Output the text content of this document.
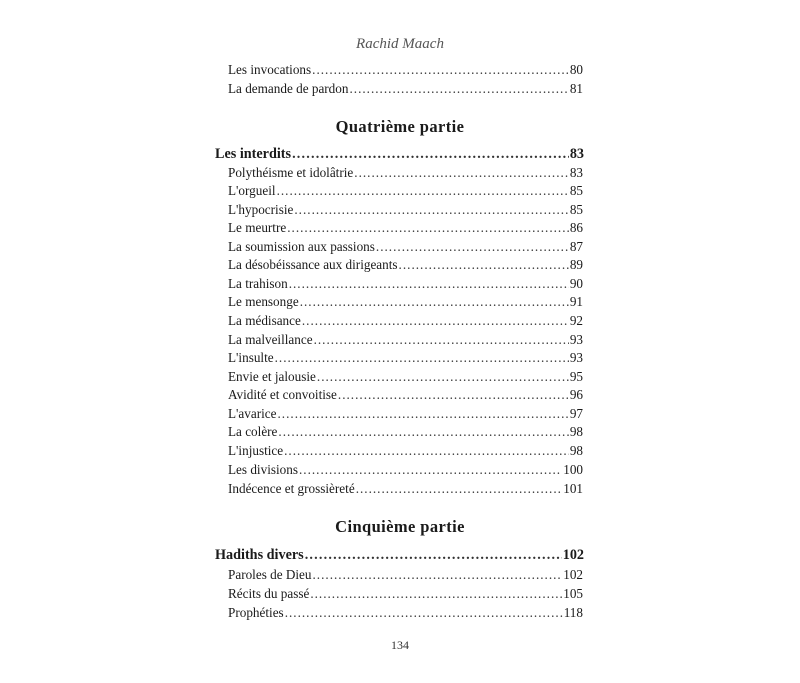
Rachid Maach
Les invocations .....	80
La demande de pardon .....	81
Quatrième partie
Les interdits .....	83
Polythéisme et idolâtrie .....	83
L'orgueil .....	85
L'hypocrisie .....	85
Le meurtre .....	86
La soumission aux passions .....	87
La désobéissance aux dirigeants .....	89
La trahison .....	90
Le mensonge .....	91
La médisance .....	92
La malveillance .....	93
L'insulte .....	93
Envie et jalousie .....	95
Avidité et convoitise .....	96
L'avarice .....	97
La colère .....	98
L'injustice .....	98
Les divisions .....	100
Indécence et grossièreté .....	101
Cinquième partie
Hadiths divers .....	102
Paroles de Dieu .....	102
Récits du passé .....	105
Prophéties .....	118
134
